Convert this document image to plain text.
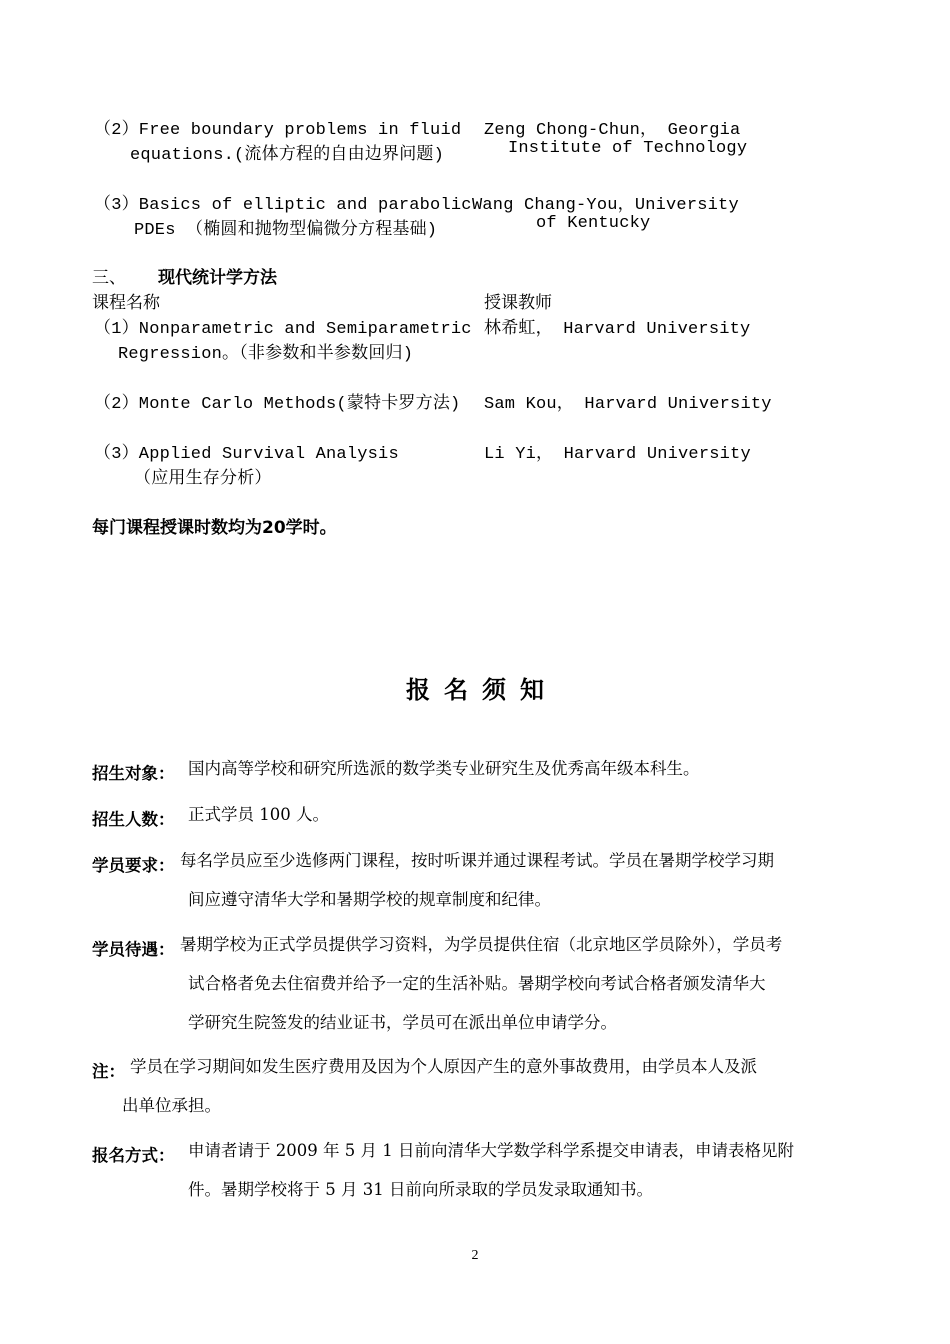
（2）Free boundary problems in fluid
equations.(流体方程的自由边界问题)
Zeng Chong-Chun， Georgia
Institute of Technology
（3）Basics of elliptic and parabolic
PDEs （椭圆和抛物型偏微分方程基础)
Wang Chang-You，University
of Kentucky
三、 现代统计学方法
课程名称	授课教师
（1）Nonparametric and Semiparametric
Regression。（非参数和半参数回归)
林希虹， Harvard University
（2）Monte Carlo Methods(蒙特卡罗方法) Sam Kou， Harvard University
（3）Applied Survival Analysis
（应用生存分析）
Li Yi， Harvard University
每门课程授课时数均为20学时。
报名须知
招生对象： 国内高等学校和研究所选派的数学类专业研究生及优秀高年级本科生。
招生人数： 正式学员 100 人。
学员要求： 每名学员应至少选修两门课程，按时听课并通过课程考试。学员在暑期学校学习期
间应遵守清华大学和暑期学校的规章制度和纪律。
学员待遇： 暑期学校为正式学员提供学习资料，为学员提供住宿（北京地区学员除外），学员考
试合格者免去住宿费并给予一定的生活补贴。暑期学校向考试合格者颁发清华大
学研究生院签发的结业证书，学员可在派出单位申请学分。
注： 学员在学习期间如发生医疗费用及因为个人原因产生的意外事故费用，由学员本人及派
出单位承担。
报名方式： 申请者请于 2009 年 5 月 1 日前向清华大学数学科学系提交申请表，申请表格见附
件。暑期学校将于 5 月 31 日前向所录取的学员发录取通知书。
2
